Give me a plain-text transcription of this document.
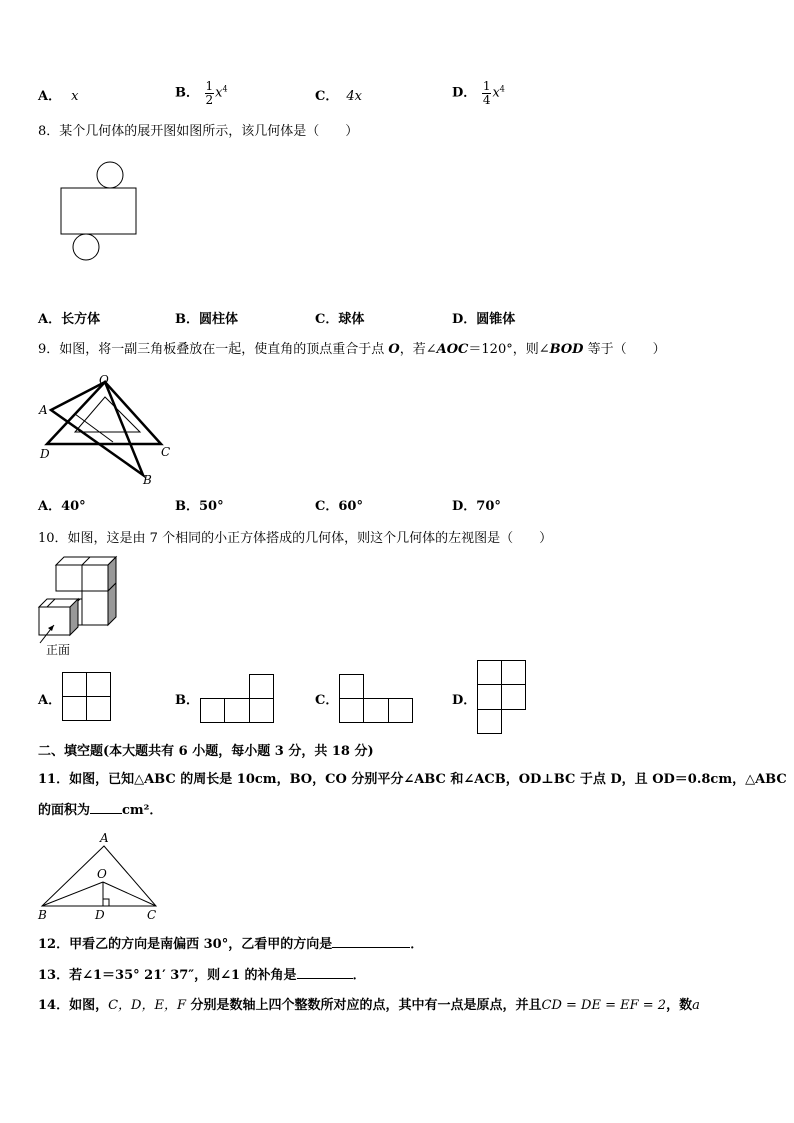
A． x	B． $\frac{1}{2} x^4$	C． 4x	D． $\frac{1}{4} x^4$
8．某个几何体的展开图如图所示，该几何体是（　　）
A．长方体	B．圆柱体	C．球体	D．圆锥体
9．如图，将一副三角板叠放在一起，使直角的顶点重合于点 O，若∠AOC＝120°，则∠BOD 等于（　　）
O
A
D	C
B
A．40°	B．50°	C．60°	D．70°
10．如图，这是由 7 个相同的小正方体搭成的几何体，则这个几何体的左视图是（　　）
正面
A．	B．	C．	D．
二、填空题(本大题共有 6 小题，每小题 3 分，共 18 分)
11．如图，已知△ABC 的周长是 10cm，BO，CO 分别平分∠ABC 和∠ACB，OD⊥BC 于点 D，且 OD＝0.8cm，△ABC
的面积为 cm²．
A
O
B	D	C
12．甲看乙的方向是南偏西 30°，乙看甲的方向是	．
13．若∠1＝35° 21′ 37″，则∠1 的补角是	．
14．如图，C，D，E，F 分别是数轴上四个整数所对应的点，其中有一点是原点，并且CD = DE = EF = 2，数a
